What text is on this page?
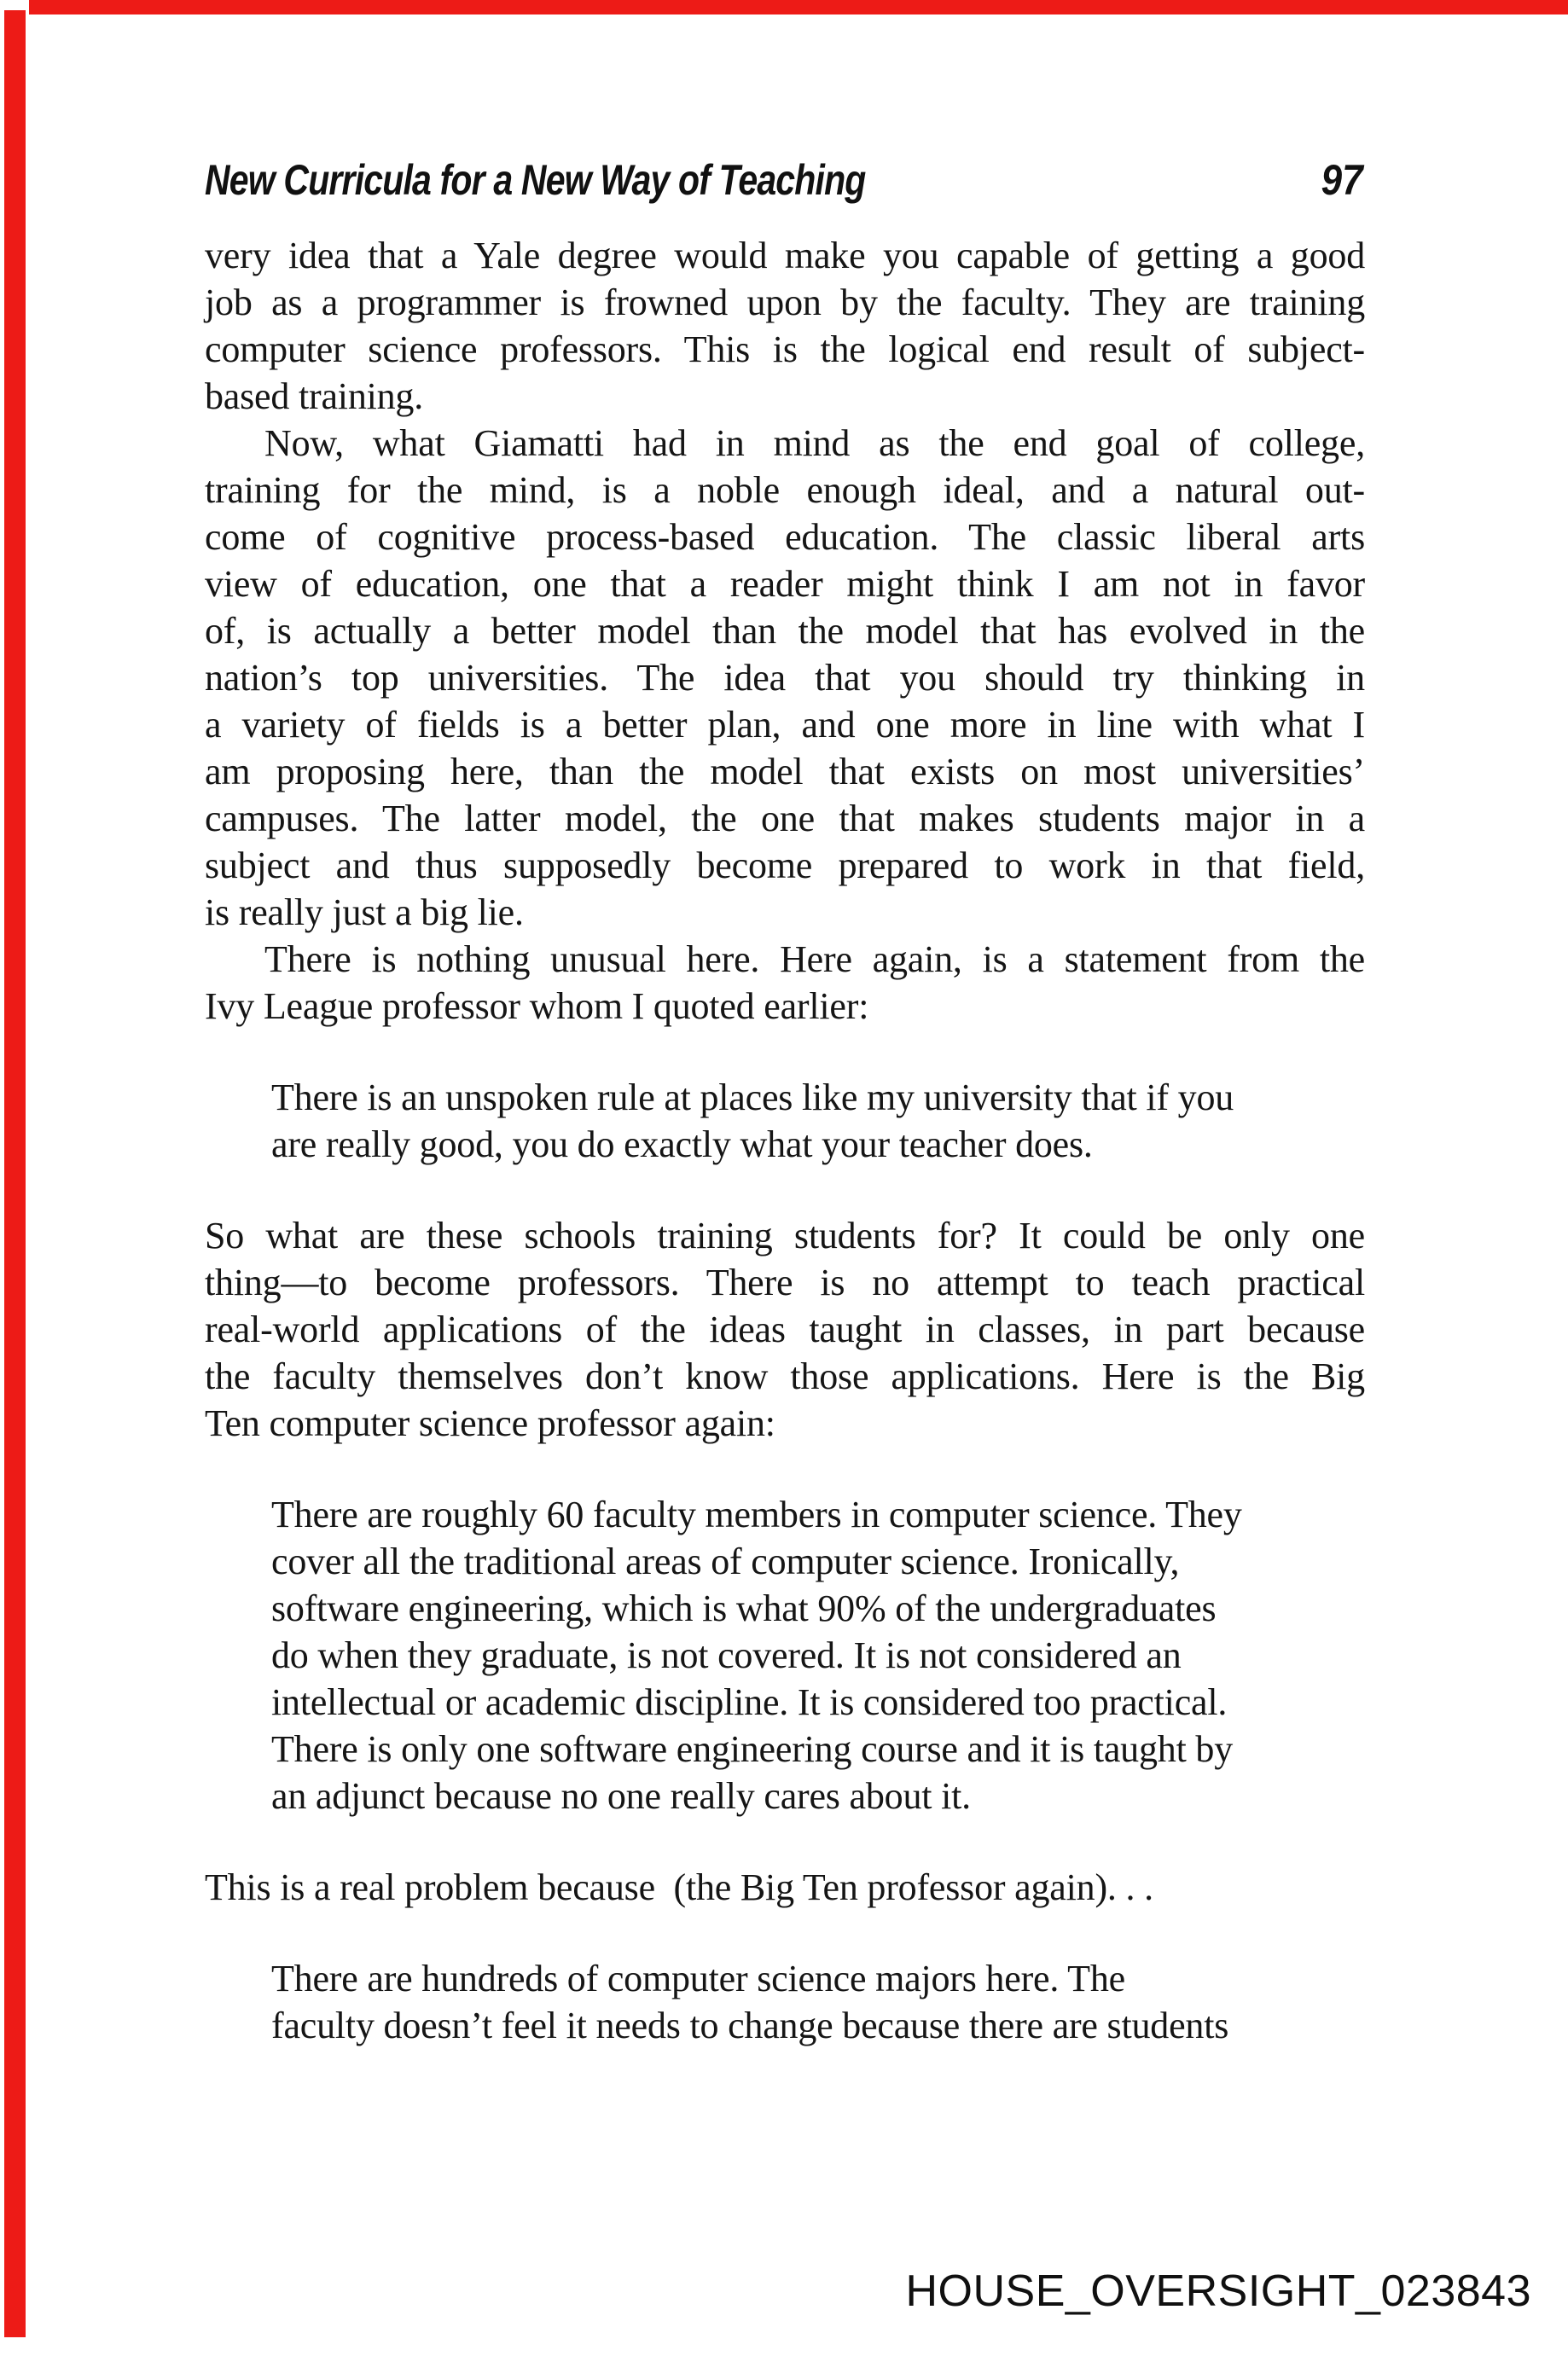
New Curricula for a New Way of Teaching	97
very idea that a Yale degree would make you capable of getting a good
job as a programmer is frowned upon by the faculty. They are training
computer science professors. This is the logical end result of subject-
based training.
Now, what Giamatti had in mind as the end goal of college,
training for the mind, is a noble enough ideal, and a natural out-
come of cognitive process-based education. The classic liberal arts
view of education, one that a reader might think I am not in favor
of, is actually a better model than the model that has evolved in the
nation’s top universities. The idea that you should try thinking in
a variety of fields is a better plan, and one more in line with what I
am proposing here, than the model that exists on most universities’
campuses. The latter model, the one that makes students major in a
subject and thus supposedly become prepared to work in that field,
is really just a big lie.
There is nothing unusual here. Here again, is a statement from the
Ivy League professor whom I quoted earlier:
There is an unspoken rule at places like my university that if you
are really good, you do exactly what your teacher does.
So what are these schools training students for? It could be only one
thing—to become professors. There is no attempt to teach practical
real-world applications of the ideas taught in classes, in part because
the faculty themselves don’t know those applications. Here is the Big
Ten computer science professor again:
There are roughly 60 faculty members in computer science. They
cover all the traditional areas of computer science. Ironically,
software engineering, which is what 90% of the undergraduates
do when they graduate, is not covered. It is not considered an
intellectual or academic discipline. It is considered too practical.
There is only one software engineering course and it is taught by
an adjunct because no one really cares about it.
This is a real problem because  (the Big Ten professor again). . .
There are hundreds of computer science majors here. The
faculty doesn’t feel it needs to change because there are students
HOUSE_OVERSIGHT_023843
